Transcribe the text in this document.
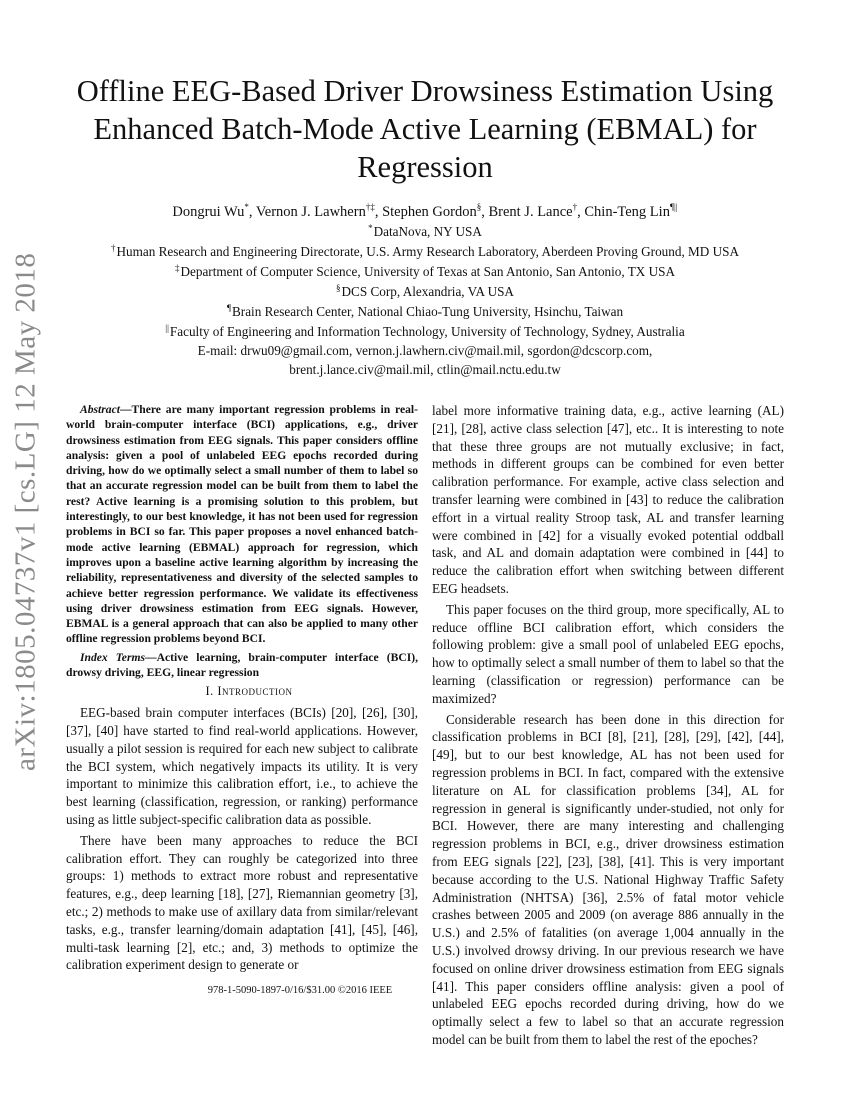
arXiv:1805.04737v1 [cs.LG] 12 May 2018
Offline EEG-Based Driver Drowsiness Estimation Using Enhanced Batch-Mode Active Learning (EBMAL) for Regression
Dongrui Wu*, Vernon J. Lawhern†‡, Stephen Gordon§, Brent J. Lance†, Chin-Teng Lin¶||
*DataNova, NY USA
†Human Research and Engineering Directorate, U.S. Army Research Laboratory, Aberdeen Proving Ground, MD USA
‡Department of Computer Science, University of Texas at San Antonio, San Antonio, TX USA
§DCS Corp, Alexandria, VA USA
¶Brain Research Center, National Chiao-Tung University, Hsinchu, Taiwan
||Faculty of Engineering and Information Technology, University of Technology, Sydney, Australia
E-mail: drwu09@gmail.com, vernon.j.lawhern.civ@mail.mil, sgordon@dcscorp.com,
brent.j.lance.civ@mail.mil, ctlin@mail.nctu.edu.tw

Abstract—There are many important regression problems in real-world brain-computer interface (BCI) applications, e.g., driver drowsiness estimation from EEG signals. This paper considers offline analysis: given a pool of unlabeled EEG epochs recorded during driving, how do we optimally select a small number of them to label so that an accurate regression model can be built from them to label the rest? Active learning is a promising solution to this problem, but interestingly, to our best knowledge, it has not been used for regression problems in BCI so far. This paper proposes a novel enhanced batch-mode active learning (EBMAL) approach for regression, which improves upon a baseline active learning algorithm by increasing the reliability, representativeness and diversity of the selected samples to achieve better regression performance. We validate its effectiveness using driver drowsiness estimation from EEG signals. However, EBMAL is a general approach that can also be applied to many other offline regression problems beyond BCI.

Index Terms—Active learning, brain-computer interface (BCI), drowsy driving, EEG, linear regression

I. Introduction

EEG-based brain computer interfaces (BCIs) [20], [26], [30], [37], [40] have started to find real-world applications. However, usually a pilot session is required for each new subject to calibrate the BCI system, which negatively impacts its utility. It is very important to minimize this calibration effort, i.e., to achieve the best learning (classification, regression, or ranking) performance using as little subject-specific calibration data as possible.

There have been many approaches to reduce the BCI calibration effort. They can roughly be categorized into three groups: 1) methods to extract more robust and representative features, e.g., deep learning [18], [27], Riemannian geometry [3], etc.; 2) methods to make use of axillary data from similar/relevant tasks, e.g., transfer learning/domain adaptation [41], [45], [46], multi-task learning [2], etc.; and, 3) methods to optimize the calibration experiment design to generate or

label more informative training data, e.g., active learning (AL) [21], [28], active class selection [47], etc.. It is interesting to note that these three groups are not mutually exclusive; in fact, methods in different groups can be combined for even better calibration performance. For example, active class selection and transfer learning were combined in [43] to reduce the calibration effort in a virtual reality Stroop task, AL and transfer learning were combined in [42] for a visually evoked potential oddball task, and AL and domain adaptation were combined in [44] to reduce the calibration effort when switching between different EEG headsets.

This paper focuses on the third group, more specifically, AL to reduce offline BCI calibration effort, which considers the following problem: give a small pool of unlabeled EEG epochs, how to optimally select a small number of them to label so that the learning (classification or regression) performance can be maximized?

Considerable research has been done in this direction for classification problems in BCI [8], [21], [28], [29], [42], [44], [49], but to our best knowledge, AL has not been used for regression problems in BCI. In fact, compared with the extensive literature on AL for classification problems [34], AL for regression in general is significantly under-studied, not only for BCI. However, there are many interesting and challenging regression problems in BCI, e.g., driver drowsiness estimation from EEG signals [22], [23], [38], [41]. This is very important because according to the U.S. National Highway Traffic Safety Administration (NHTSA) [36], 2.5% of fatal motor vehicle crashes between 2005 and 2009 (on average 886 annually in the U.S.) and 2.5% of fatalities (on average 1,004 annually in the U.S.) involved drowsy driving. In our previous research we have focused on online driver drowsiness estimation from EEG signals [41]. This paper considers offline analysis: given a pool of unlabeled EEG epochs recorded during driving, how do we optimally select a few to label so that an accurate regression model can be built from them to label the rest of the epoches?

978-1-5090-1897-0/16/$31.00 ©2016 IEEE
